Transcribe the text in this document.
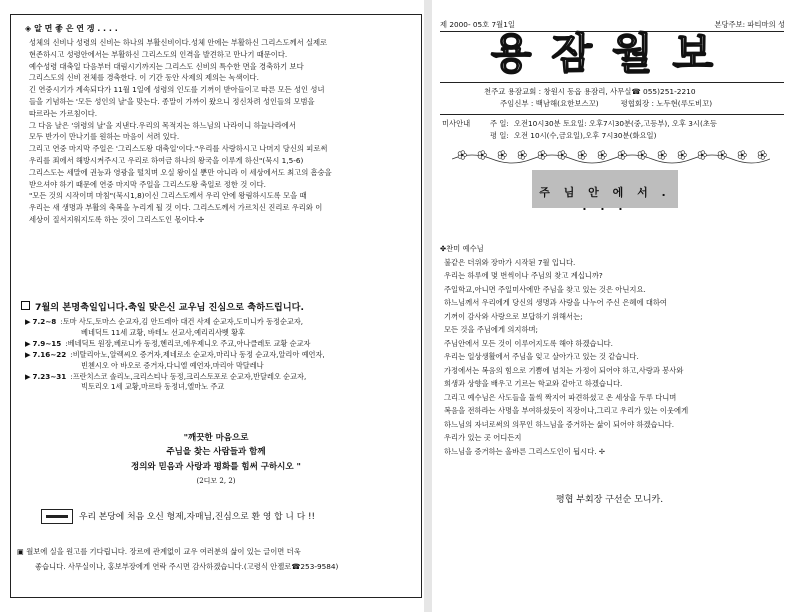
◈ 알 면 좋 은 연 겡 . . . .

성체의 신비나 성령의 신비는 하나의 부활신비이다.성체 안에는 부활하신 그리스도께서 실제로

현존하시고 성령안에서는 부활하신 그리스도의 인격을 발견하고 만나기 때문이다.

예수성령 대축일 다음부터 대림시기까지는 그리스도 신비의 특수한 면을 경축하기 보다

그리스도의 신비 전체를 경축한다. 이 기간 동안 사제의 제의는 녹색이다.

긴 연중시기가 계속되다가 11월 1일에 성령의 인도를 기꺼이 받아들이고 따른 모든 성인 성녀

들을 기념하는 '모든 성인의 날'을 맞는다. 종말이 가까이 왔으니 정신차려 성인들의 모범을

따르라는 가르침이다.

그 다음 날은 '위령의 날'을 지낸다.우리의 목적지는 하느님의 나라이니 하늘나라에서

모두 반가이 만나기를 원하는 마음이 서려 있다.

그리고 연중 마지막 주일은 '그리스도왕 대축일'이다."우리를 사랑하시고 나머지 당신의 피로써

우리를 죄에서 해방시켜주시고 우리로 하여금 하나의 왕국을 이루게 하신"(묵시 1,5-6)

그리스도는 세말에 권능과 영광을 떨치며 오실 왕이실 뿐만 아니라 이 세상에서도 최고의 흠숭을

받으셔야 하기 때문에 연중 마지막 주일을 그리스도왕 축일로 정한 것 이다.

"모든 것의 시작이며 마침"(묵시1,8)이신 그리스도께서 우리 안에 왕림하시도록 모을 때

우리는 새 생명과 부활의 축복을 누리게 될 것 이다. 그리스도께서 가르치신 진리로 우리와 이

세상이 질서지워지도록 하는 것이 그리스도인 몫이다.✢

7월의 본명축일입니다.축일 맞은신 교우님 진심으로 축하드립니다.
▶ 7.2~8 :토마 사도,토마스 순교자,김 안드레아 대건 사제 순교자,도미니카 동정순교자,
베네딕트 11세 교황, 바테노 선교사,예리리사벳 황후
▶ 7.9~15 :베네딕트 원장,베로니카 동정,헨리코,에우제니오 주교,아나클레토 교황 순교자
▶ 7.16~22 :비탈리아노,알렉씨오 증거자,제네로소 순교자,마리나 동정 순교자,알리아 예언자,
빈첸시오 아 바오로 증거자,다니엘 예언자,마리아 막달레나
▶ 7.23~31 :프란치스코 솔리노,크리스티나 동정,크리스토포로 순교자,반달레오 순교자,
빅토리오 1세 교황,마르타 동정녀,엘마노 주교
"깨끗한 마음으로
주님을 찾는 사람들과 함께
정의와 믿음과 사랑과 평화를 힘써 구하시오 "
(2디모 2, 2)
우리 본당에 처음 오신 형제,자매님,진심으로 환 영 합 니 다 !!
▣ 월보에 실을 원고를 기다립니다. 장르에 관계없이 교우 여러분의 삶이 있는 글이면 더욱
좋습니다. 사무실이나, 홍보부장에게 연락 주시면 감사하겠습니다.(고령식 안젤로☎253-9584)
제 2000- 05호 7월1일	본당주보: 파티마의 성
용잠월보
천주교 용잠교회 : 창원시 동읍 용잠리, 사무실☎ 055)251-2210
주임신부 : 백남해(요한보스꼬)	평협회장 : 노두현(루도비꼬)
미사안내	주 일: 오전10시30분 토요일: 오후7시30분(중,고등부), 오후 3시(초등
평 일: 오전 10시(수,금요일),오후 7시30분(화요일)
주 님 안 에 서 . . . .
✤찬미 예수님
불같은 더위와 장마가 시작된 7월 입니다.
우리는 하루에 몇 번씩이나 주님의 찾고 계십니까?
주일학교,아니면 주일미사에만 주님을 찾고 있는 것은 아닌지요.
하느님께서 우리에게 당신의 생명과 사랑을 나누어 주신 은혜에 대하여
기꺼이 감사와 사랑으로 보답하기 위해서는;
모든 것을 주님에게 의지하며;
주님안에서 모든 것이 이루어지도록 해야 하겠습니다.
우리는 일상생활에서 주님을 잊고 살아가고 있는 것 같습니다.
가정에서는 복음의 힘으로 기쁨에 넘치는 가정이 되어야 하고,사랑과 봉사와
희생과 상향을 배우고 기르는 학교와 같아고 하겠습니다.
그리고 예수님은 사도들을 둘씩 짝지어 파견하셨고 온 세상을 두루 다니며
복음을 전하라는 사명을 부여하셨듯이 직장이나,그리고 우리가 있는 이웃에게
하느님의 자녀로써의 의무인 하느님을 증거하는 삶이 되어야 하겠습니다.
우리가 있는 곳 어디든지
하느님을 증거하는 올바른 그리스도인이 됩시다. ✢
평협 부회장 구선순 모니카.
